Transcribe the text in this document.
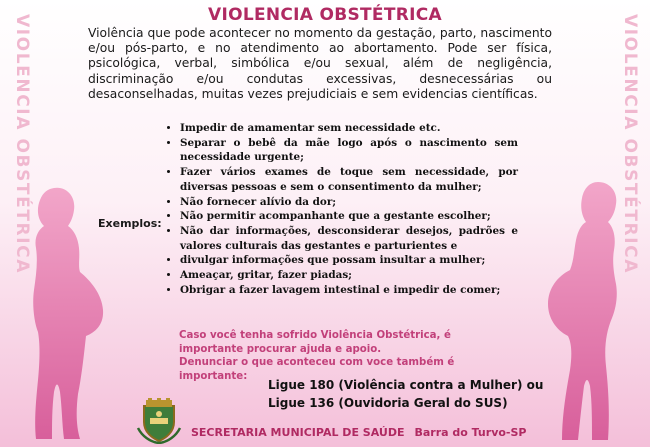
VIOLENCIA OBSTÉTRICA	VIOLENCIA OBSTÉTRICA
VIOLENCIA OBSTÉTRICA

Violência que pode acontecer no momento da gestação, parto, nascimento e/ou pós-parto, e no atendimento ao abortamento. Pode ser física, psicológica, verbal, simbólica e/ou sexual, além de negligência, discriminação e/ou condutas excessivas, desnecessárias ou desaconselhadas, muitas vezes prejudiciais e sem evidencias científicas.

Exemplos:
• Impedir de amamentar sem necessidade etc.
• Separar o bebê da mãe logo após o nascimento sem necessidade urgente;
• Fazer vários exames de toque sem necessidade, por diversas pessoas e sem o consentimento da mulher;
• Não fornecer alívio da dor;
• Não permitir acompanhante que a gestante escolher;
• Não dar informações, desconsiderar desejos, padrões e valores culturais das gestantes e parturientes e
• divulgar informações que possam insultar a mulher;
• Ameaçar, gritar, fazer piadas;
• Obrigar a fazer lavagem intestinal e impedir de comer;

Caso você tenha sofrido Violência Obstétrica, é importante procurar ajuda e apoio.

Denunciar o que aconteceu com voce também é importante:

Ligue 180 (Violência contra a Mulher) ou
Ligue 136 (Ouvidoria Geral do SUS)
SECRETARIA MUNICIPAL DE SAÚDE Barra do Turvo-SP
